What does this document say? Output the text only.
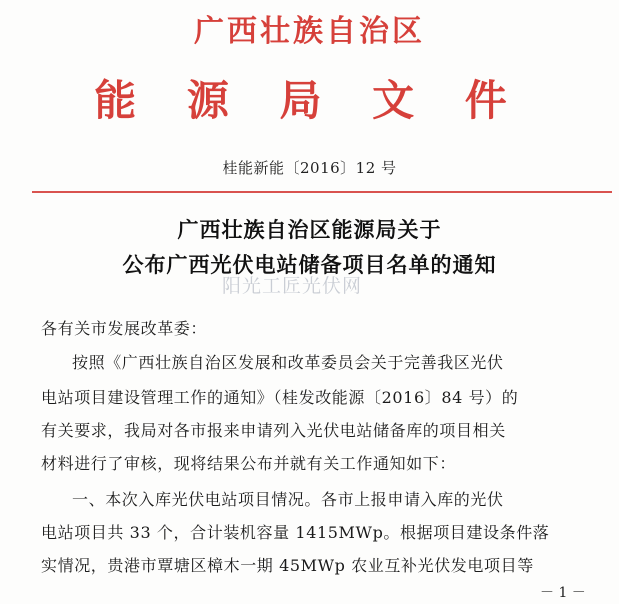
广西壮族自治区
能 源 局 文 件
桂能新能〔2016〕12 号
广西壮族自治区能源局关于
公布广西光伏电站储备项目名单的通知
阳光工匠光伏网
各有关市发展改革委：
按照《广西壮族自治区发展和改革委员会关于完善我区光伏
电站项目建设管理工作的通知》（桂发改能源〔2016〕84 号）的
有关要求，我局对各市报来申请列入光伏电站储备库的项目相关
材料进行了审核，现将结果公布并就有关工作通知如下：
一、本次入库光伏电站项目情况。各市上报申请入库的光伏
电站项目共 33 个，合计装机容量 1415MWp。根据项目建设条件落
实情况，贵港市覃塘区樟木一期 45MWp 农业互补光伏发电项目等
－ 1 －
